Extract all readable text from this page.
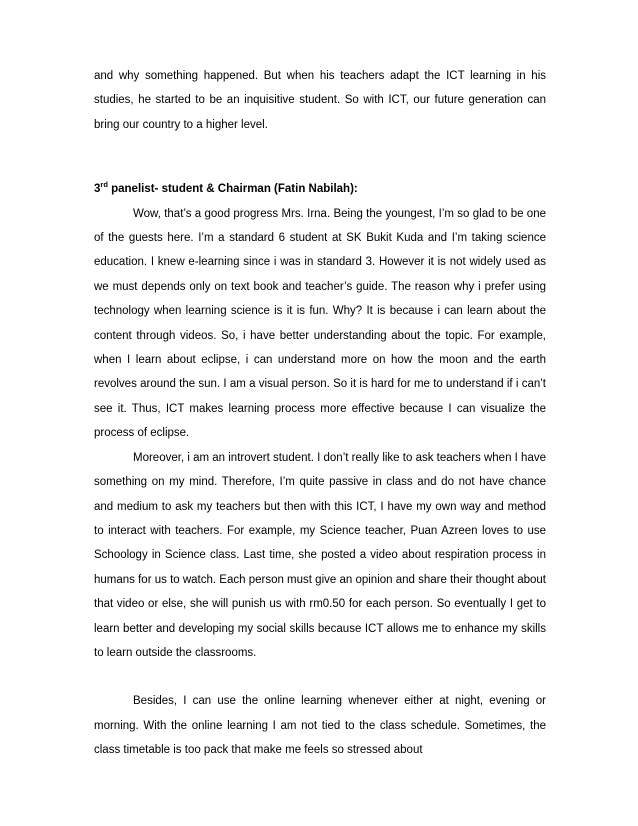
and why something happened. But when his teachers adapt the ICT learning in his studies, he started to be an inquisitive student. So with ICT, our future generation can bring our country to a higher level.

3rd panelist- student & Chairman (Fatin Nabilah):

Wow, that’s a good progress Mrs. Irna. Being the youngest, I’m so glad to be one of the guests here. I’m a standard 6 student at SK Bukit Kuda and I’m taking science education. I knew e-learning since i was in standard 3. However it is not widely used as we must depends only on text book and teacher’s guide. The reason why i prefer using technology when learning science is it is fun. Why? It is because i can learn about the content through videos. So, i have better understanding about the topic. For example, when I learn about eclipse, i can understand more on how the moon and the earth revolves around the sun. I am a visual person. So it is hard for me to understand if i can’t see it. Thus, ICT makes learning process more effective because I can visualize the process of eclipse.

Moreover, i am an introvert student. I don’t really like to ask teachers when I have something on my mind. Therefore, I’m quite passive in class and do not have chance and medium to ask my teachers but then with this ICT, I have my own way and method to interact with teachers. For example, my Science teacher, Puan Azreen loves to use Schoology in Science class. Last time, she posted a video about respiration process in humans for us to watch. Each person must give an opinion and share their thought about that video or else, she will punish us with rm0.50 for each person. So eventually I get to learn better and developing my social skills because ICT allows me to enhance my skills to learn outside the classrooms.

Besides, I can use the online learning whenever either at night, evening or morning. With the online learning I am not tied to the class schedule. Sometimes, the class timetable is too pack that make me feels so stressed about
